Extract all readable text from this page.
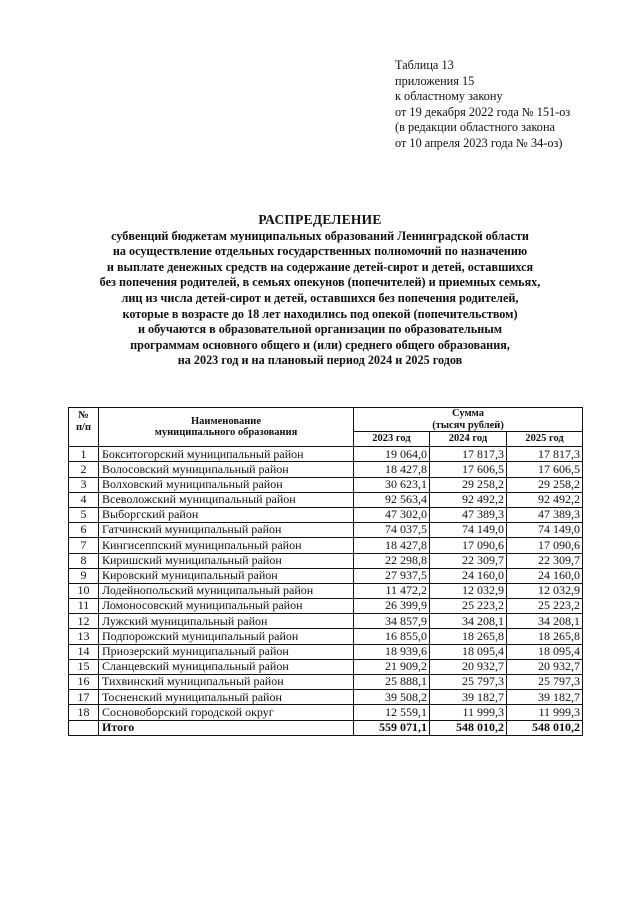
Таблица 13
приложения 15
к областному закону
от 19 декабря 2022 года № 151-оз
(в редакции областного закона
от 10 апреля 2023 года № 34-оз)
РАСПРЕДЕЛЕНИЕ
субвенций бюджетам муниципальных образований Ленинградской области
на осуществление отдельных государственных полномочий по назначению
и выплате денежных средств на содержание детей-сирот и детей, оставшихся
без попечения родителей, в семьях опекунов (попечителей) и приемных семьях,
лиц из числа детей-сирот и детей, оставшихся без попечения родителей,
которые в возрасте до 18 лет находились под опекой (попечительством)
и обучаются в образовательной организации по образовательным
программам основного общего и (или) среднего общего образования,
на 2023 год и на плановый период 2024 и 2025 годов
№
п/п	Наименование
муниципального образования	Сумма
(тысяч рублей)		
		2023 год	2024 год	2025 год
1	Бокситогорский муниципальный район	19 064,0	17 817,3	17 817,3
2	Волосовский муниципальный район	18 427,8	17 606,5	17 606,5
3	Волховский муниципальный район	30 623,1	29 258,2	29 258,2
4	Всеволожский муниципальный район	92 563,4	92 492,2	92 492,2
5	Выборгский район	47 302,0	47 389,3	47 389,3
6	Гатчинский муниципальный район	74 037,5	74 149,0	74 149,0
7	Кингисеппский муниципальный район	18 427,8	17 090,6	17 090,6
8	Киришский муниципальный район	22 298,8	22 309,7	22 309,7
9	Кировский муниципальный район	27 937,5	24 160,0	24 160,0
10	Лодейнопольский муниципальный район	11 472,2	12 032,9	12 032,9
11	Ломоносовский муниципальный район	26 399,9	25 223,2	25 223,2
12	Лужский муниципальный район	34 857,9	34 208,1	34 208,1
13	Подпорожский муниципальный район	16 855,0	18 265,8	18 265,8
14	Приозерский муниципальный район	18 939,6	18 095,4	18 095,4
15	Сланцевский муниципальный район	21 909,2	20 932,7	20 932,7
16	Тихвинский муниципальный район	25 888,1	25 797,3	25 797,3
17	Тосненский муниципальный район	39 508,2	39 182,7	39 182,7
18	Сосновоборский городской округ	12 559,1	11 999,3	11 999,3
	Итого	559 071,1	548 010,2	548 010,2
